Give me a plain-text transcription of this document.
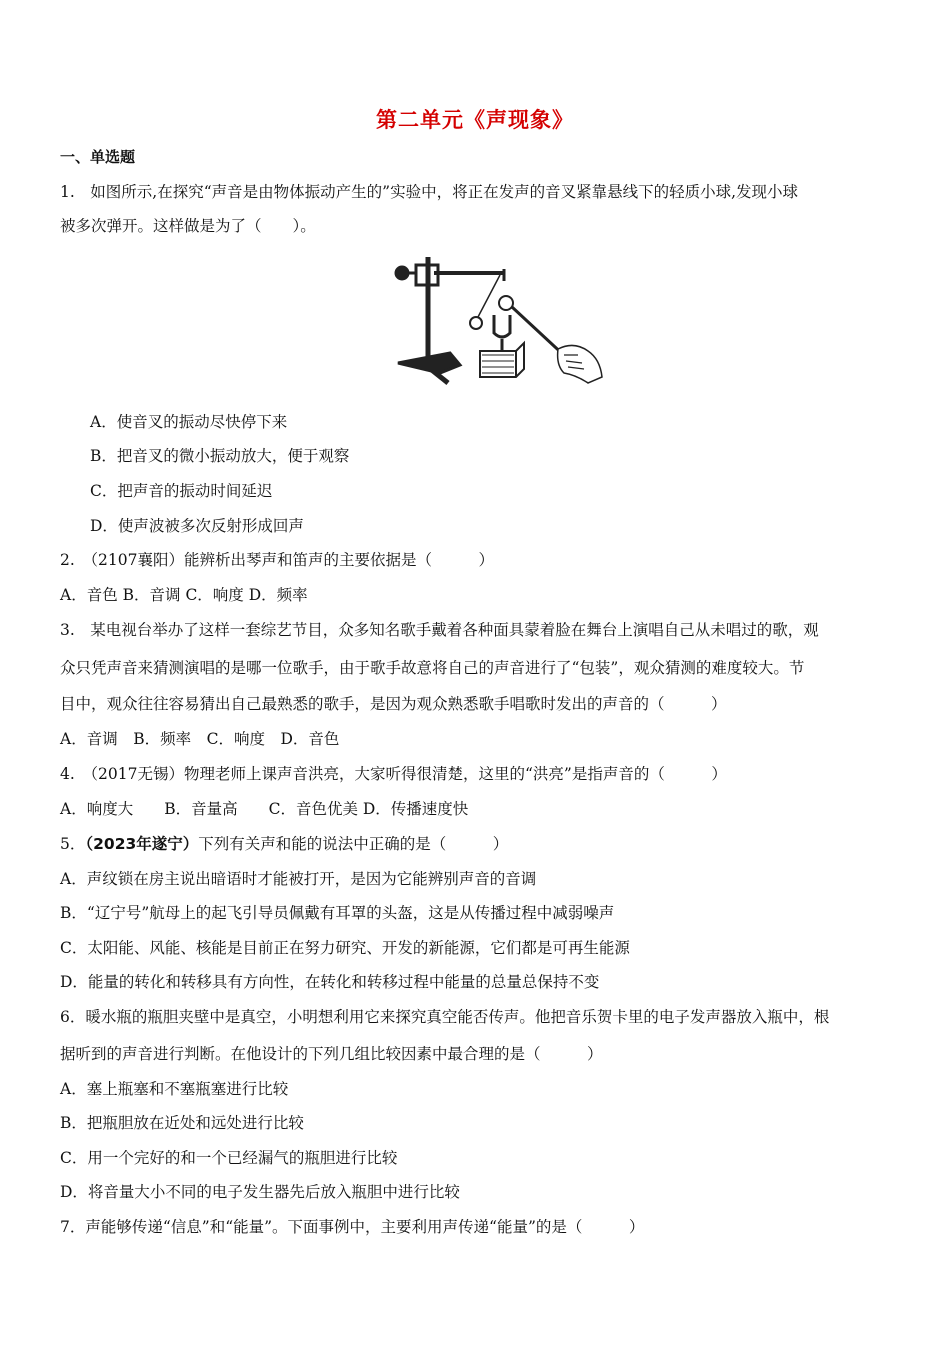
第二单元《声现象》
一、单选题
1.　如图所示,在探究“声音是由物体振动产生的”实验中，将正在发声的音叉紧靠悬线下的轻质小球,发现小球
被多次弹开。这样做是为了（　　）。
A．使音叉的振动尽快停下来
B．把音叉的微小振动放大，便于观察
C．把声音的振动时间延迟
D．使声波被多次反射形成回声
2.　（2107襄阳）能辨析出琴声和笛声的主要依据是（　　　）
A．音色 B．音调 C．响度 D．频率
3.　某电视台举办了这样一套综艺节目，众多知名歌手戴着各种面具蒙着脸在舞台上演唱自己从未唱过的歌，观
众只凭声音来猜测演唱的是哪一位歌手，由于歌手故意将自己的声音进行了“包装”，观众猜测的难度较大。节
目中，观众往往容易猜出自己最熟悉的歌手，是因为观众熟悉歌手唱歌时发出的声音的（　　　）
A．音调　B．频率　C．响度　D．音色
4.　（2017无锡）物理老师上课声音洪亮，大家听得很清楚，这里的“洪亮”是指声音的（　　　）
A．响度大　　B．音量高　　C．音色优美 D．传播速度快
5．（2023年遂宁）下列有关声和能的说法中正确的是（　　　）
A．声纹锁在房主说出暗语时才能被打开，是因为它能辨别声音的音调
B．“辽宁号”航母上的起飞引导员佩戴有耳罩的头盔，这是从传播过程中减弱噪声
C．太阳能、风能、核能是目前正在努力研究、开发的新能源，它们都是可再生能源
D．能量的转化和转移具有方向性，在转化和转移过程中能量的总量总保持不变
6．暖水瓶的瓶胆夹壁中是真空，小明想利用它来探究真空能否传声。他把音乐贺卡里的电子发声器放入瓶中，根
据听到的声音进行判断。在他设计的下列几组比较因素中最合理的是（　　　）
A．塞上瓶塞和不塞瓶塞进行比较
B．把瓶胆放在近处和远处进行比较
C．用一个完好的和一个已经漏气的瓶胆进行比较
D．将音量大小不同的电子发生器先后放入瓶胆中进行比较
7．声能够传递“信息”和“能量”。下面事例中，主要利用声传递“能量”的是（　　　）
